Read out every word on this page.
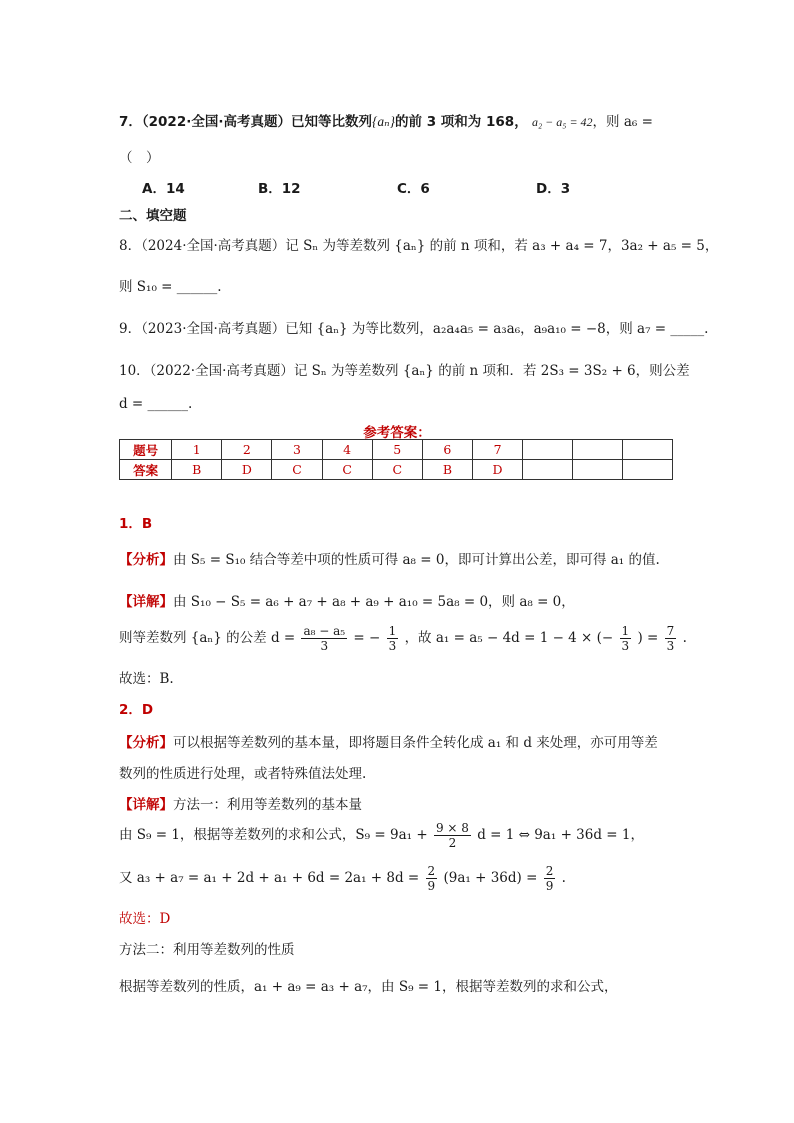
7．（2022·全国·高考真题）已知等比数列{aₙ}的前 3 项和为 168， a₂ − a₅ = 42，则 a₆ =
（　）
A．14	B．12	C．6	D．3
二、填空题
8．（2024·全国·高考真题）记 Sₙ 为等差数列 {aₙ} 的前 n 项和，若 a₃ + a₄ = 7，3a₂ + a₅ = 5，
则 S₁₀ = ______.
9．（2023·全国·高考真题）已知 {aₙ} 为等比数列，a₂a₄a₅ = a₃a₆，a₉a₁₀ = −8，则 a₇ = _____.
10．（2022·全国·高考真题）记 Sₙ 为等差数列 {aₙ} 的前 n 项和．若 2S₃ = 3S₂ + 6，则公差
d = ______.
参考答案：
题号	1	2	3	4	5	6	7			
答案	B	D	C	C	C	B	D			
1．B
【分析】由 S₅ = S₁₀ 结合等差中项的性质可得 a₈ = 0，即可计算出公差，即可得 a₁ 的值.
【详解】由 S₁₀ − S₅ = a₆ + a₇ + a₈ + a₉ + a₁₀ = 5a₈ = 0，则 a₈ = 0，
则等差数列 {aₙ} 的公差 $d = \frac{\text{a₈ − a₅}}{3}$ = − $\frac{1}{3}$ ，故 a₁ = a₅ − 4d = 1 − 4 × (− $\frac{1}{3}$ ) = $\frac{7}{3}$ .
故选：B.
2．D
【分析】可以根据等差数列的基本量，即将题目条件全转化成 a₁ 和 d 来处理，亦可用等差
数列的性质进行处理，或者特殊值法处理.
【详解】方法一：利用等差数列的基本量
由 S₉ = 1，根据等差数列的求和公式，$S_9 = 9a_1 + \frac{9 \times 8}{2}$ d = 1 ⇔ 9a₁ + 36d = 1，
又 $a_3 + a_7 = a_1 + 2d + a_1 + 6d = 2a_1 + 8d = \frac{2}{9} (9a_1 + 36d) = \frac{2}{9}$ .
故选：D
方法二：利用等差数列的性质
根据等差数列的性质，a₁ + a₉ = a₃ + a₇，由 S₉ = 1，根据等差数列的求和公式，
